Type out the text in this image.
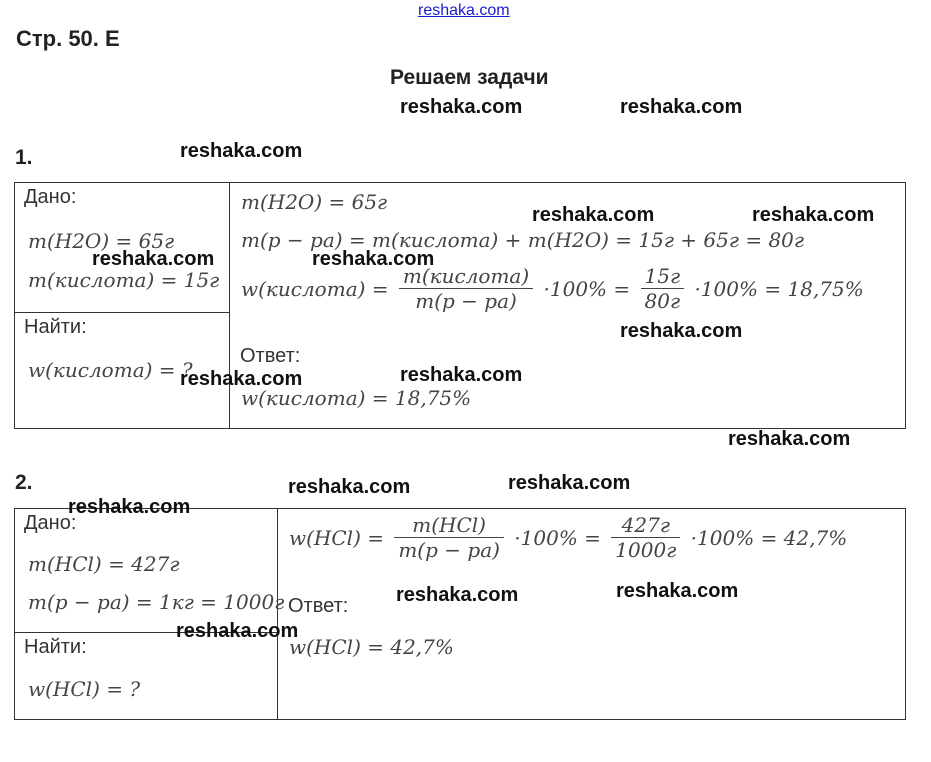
reshaka.com
Стр. 50. Е
Решаем задачи
1.
Дано:
m(H2O) = 65г
m(кислота) = 15г
Найти:
w(кислота) = ?
m(H2O) = 65г
m(р − ра) = m(кислота) + m(H2O) = 15г + 65г = 80г
w(кислота) = $\frac{\text{m(кислота)}}{m(р - ра)} \cdot 100\% = \frac{15г}{80г} \cdot 100\% = 18,75\%$
Ответ:
w(кислота) = 18,75%
2.
Дано:
m(HCl) = 427г
m(р − ра) = 1кг = 1000г
Найти:
w(HCl) = ?
$w(HCl) = \frac{\text{m(HCl)}}{m(р - ра)} \cdot 100\% = \frac{427г}{1000г} \cdot 100\% = 42,7\%$
Ответ:
w(HCl) = 42,7%
reshaka.com	reshaka.com
reshaka.com
reshaka.com	reshaka.com
reshaka.com	reshaka.com
reshaka.com
reshaka.com	reshaka.com
reshaka.com
reshaka.com	reshaka.com
reshaka.com
reshaka.com	reshaka.com
reshaka.com
